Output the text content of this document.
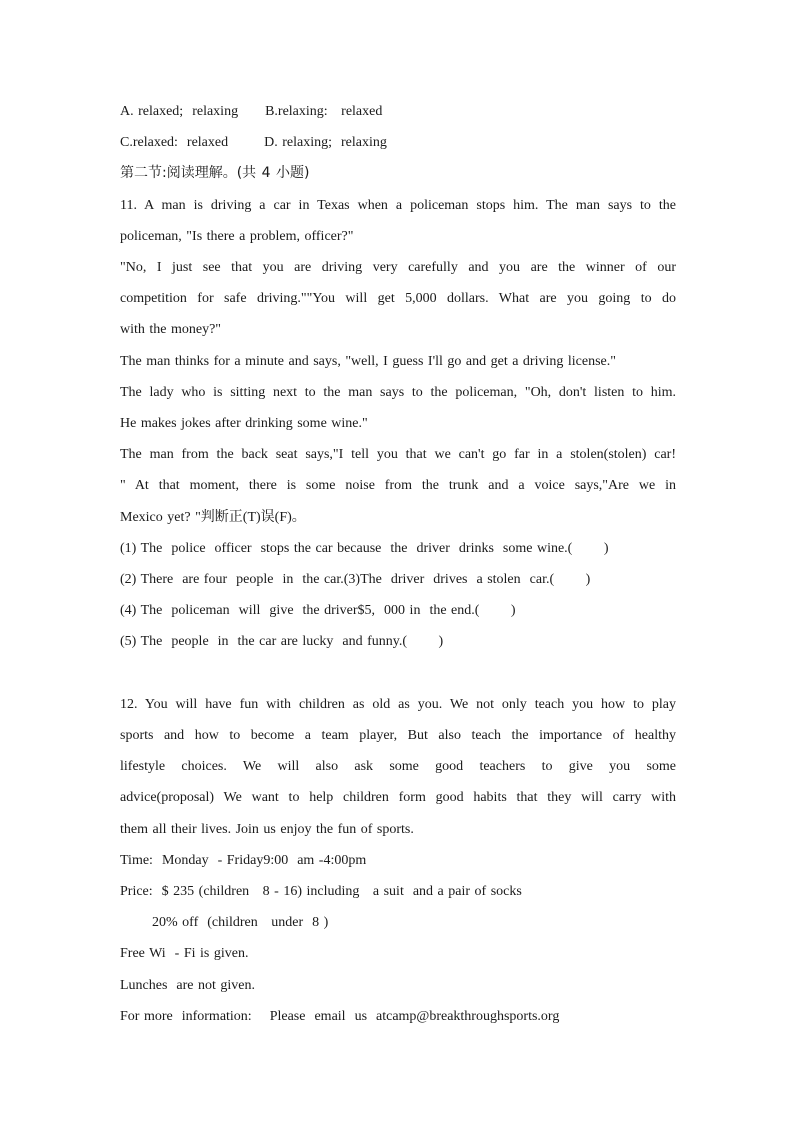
A. relaxed;  relaxing      B.relaxing:   relaxed
C.relaxed:  relaxed        D. relaxing;  relaxing
第二节:阅读理解。(共 4 小题)
11. A man is driving a car in Texas when a policeman stops him. The man says to the
policeman, "Is there a problem, officer?"
"No, I just see that you are driving very carefully and you are the winner of our
competition for safe driving.""You will get 5,000 dollars. What are you going to do
with the money?"
The man thinks for a minute and says, "well, I guess I'll go and get a driving license."
The lady who is sitting next to the man says to the policeman, "Oh, don't listen to him.
He makes jokes after drinking some wine."
The man from the back seat says,"I tell you that we can't go far in a stolen(stolen) car!
" At that moment, there is some noise from the trunk and a voice says,"Are we in
Mexico yet? "判断正(T)误(F)。
(1) The  police  officer  stops the car because  the  driver  drinks  some wine.(       )
(2) There  are four  people  in  the car.(3)The  driver  drives  a stolen  car.(       )
(4) The  policeman  will  give  the driver$5,  000 in  the end.(       )
(5) The  people  in  the car are lucky  and funny.(       )
12. You will have fun with children as old as you. We not only teach you how to play
sports and how to become a team player, But also teach the importance of healthy
lifestyle choices. We will also ask some good teachers to give you some
advice(proposal) We want to help children form good habits that they will carry with
them all their lives. Join us enjoy the fun of sports.
Time:  Monday  - Friday9:00  am -4:00pm
Price:  $ 235 (children   8 - 16) including   a suit  and a pair of socks
20% off  (children   under  8 )
Free Wi  - Fi is given.
Lunches  are not given.
For more  information:    Please  email  us  atcamp@breakthroughsports.org
